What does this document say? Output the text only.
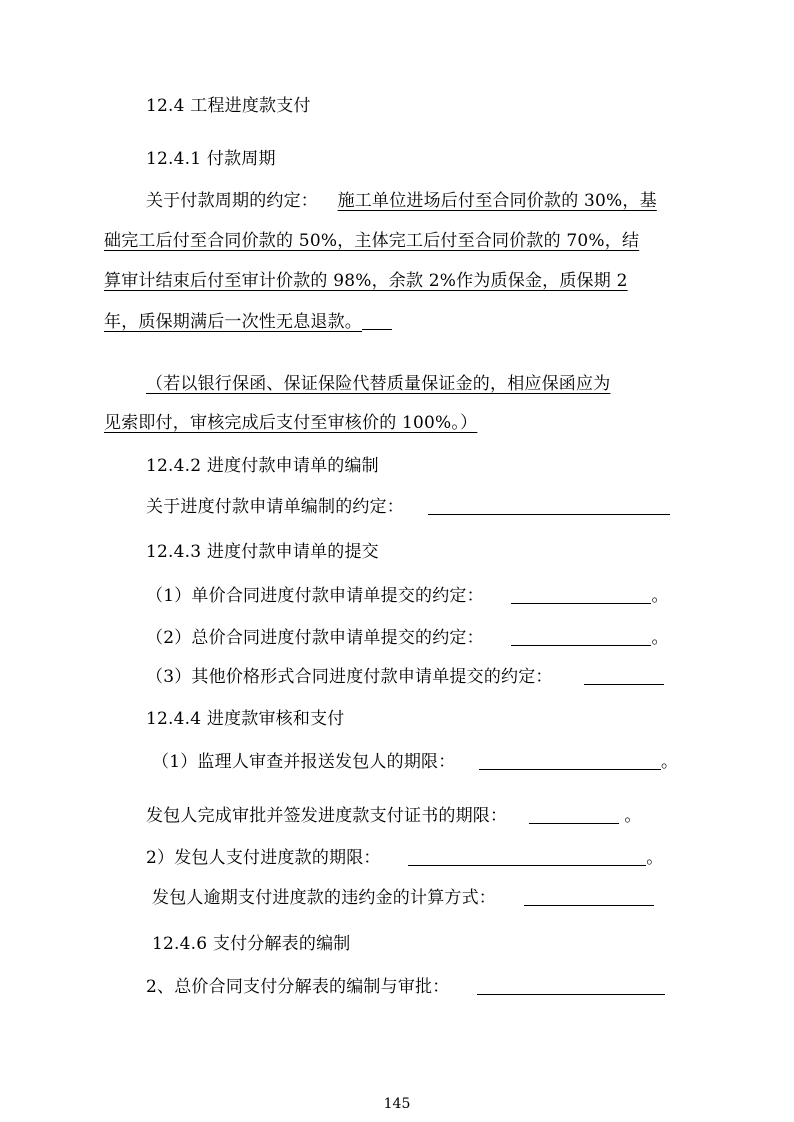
12.4 工程进度款支付
12.4.1 付款周期
关于付款周期的约定： 施工单位进场后付至合同价款的 30%，基
础完工后付至合同价款的 50%，主体完工后付至合同价款的 70%，结
算审计结束后付至审计价款的 98%，余款 2%作为质保金，质保期 2
年，质保期满后一次性无息退款。
（若以银行保函、保证保险代替质量保证金的，相应保函应为
见索即付，审核完成后支付至审核价的 100%。）
12.4.2 进度付款申请单的编制
关于进度付款申请单编制的约定：
12.4.3 进度付款申请单的提交
（1）单价合同进度付款申请单提交的约定：	。
（2）总价合同进度付款申请单提交的约定：	。
（3）其他价格形式合同进度付款申请单提交的约定：
12.4.4 进度款审核和支付
（1）监理人审查并报送发包人的期限：	。
发包人完成审批并签发进度款支付证书的期限：	。
2）发包人支付进度款的期限：	。
发包人逾期支付进度款的违约金的计算方式：
12.4.6 支付分解表的编制
2、总价合同支付分解表的编制与审批：
145
